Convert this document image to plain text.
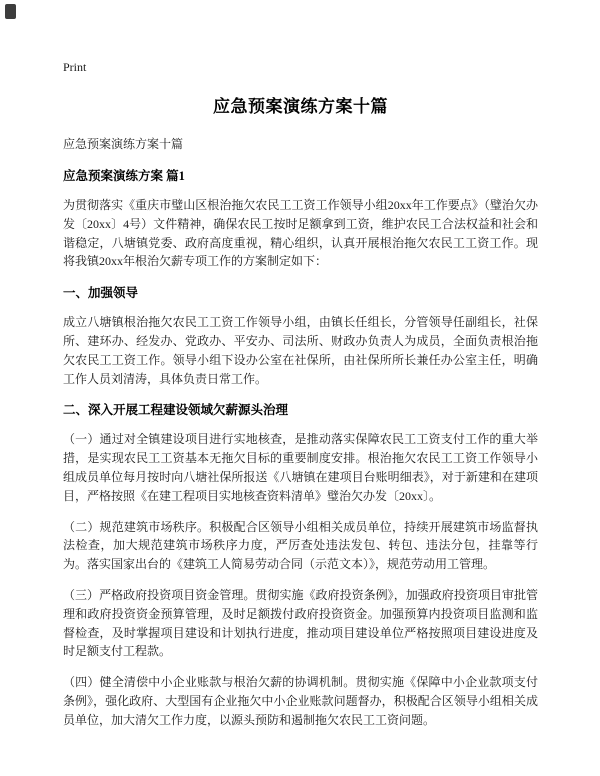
Print
应急预案演练方案十篇
应急预案演练方案十篇
应急预案演练方案 篇1

为贯彻落实《重庆市璧山区根治拖欠农民工工资工作领导小组20xx年工作要点》（璧治欠办发〔20xx〕4号）文件精神，确保农民工按时足额拿到工资，维护农民工合法权益和社会和谐稳定，八塘镇党委、政府高度重视，精心组织，认真开展根治拖欠农民工工资工作。现将我镇20xx年根治欠薪专项工作的方案制定如下：

一、加强领导

成立八塘镇根治拖欠农民工工资工作领导小组，由镇长任组长，分管领导任副组长，社保所、建环办、经发办、党政办、平安办、司法所、财政办负责人为成员，全面负责根治拖欠农民工工资工作。领导小组下设办公室在社保所，由社保所所长兼任办公室主任，明确工作人员刘清涛，具体负责日常工作。

二、深入开展工程建设领域欠薪源头治理

（一）通过对全镇建设项目进行实地核查，是推动落实保障农民工工资支付工作的重大举措，是实现农民工工资基本无拖欠目标的重要制度安排。根治拖欠农民工工资工作领导小组成员单位每月按时向八塘社保所报送《八塘镇在建项目台账明细表》，对于新建和在建项目，严格按照《在建工程项目实地核查资料清单》璧治欠办发〔20xx〕。

（二）规范建筑市场秩序。积极配合区领导小组相关成员单位，持续开展建筑市场监督执法检查，加大规范建筑市场秩序力度，严厉查处违法发包、转包、违法分包，挂靠等行为。落实国家出台的《建筑工人简易劳动合同（示范文本）》，规范劳动用工管理。

（三）严格政府投资项目资金管理。贯彻实施《政府投资条例》，加强政府投资项目审批管理和政府投资资金预算管理，及时足额拨付政府投资资金。加强预算内投资项目监测和监督检查，及时掌握项目建设和计划执行进度，推动项目建设单位严格按照项目建设进度及时足额支付工程款。

（四）健全清偿中小企业账款与根治欠薪的协调机制。贯彻实施《保障中小企业款项支付条例》，强化政府、大型国有企业拖欠中小企业账款问题督办，积极配合区领导小组相关成员单位，加大清欠工作力度，以源头预防和遏制拖欠农民工工资问题。
